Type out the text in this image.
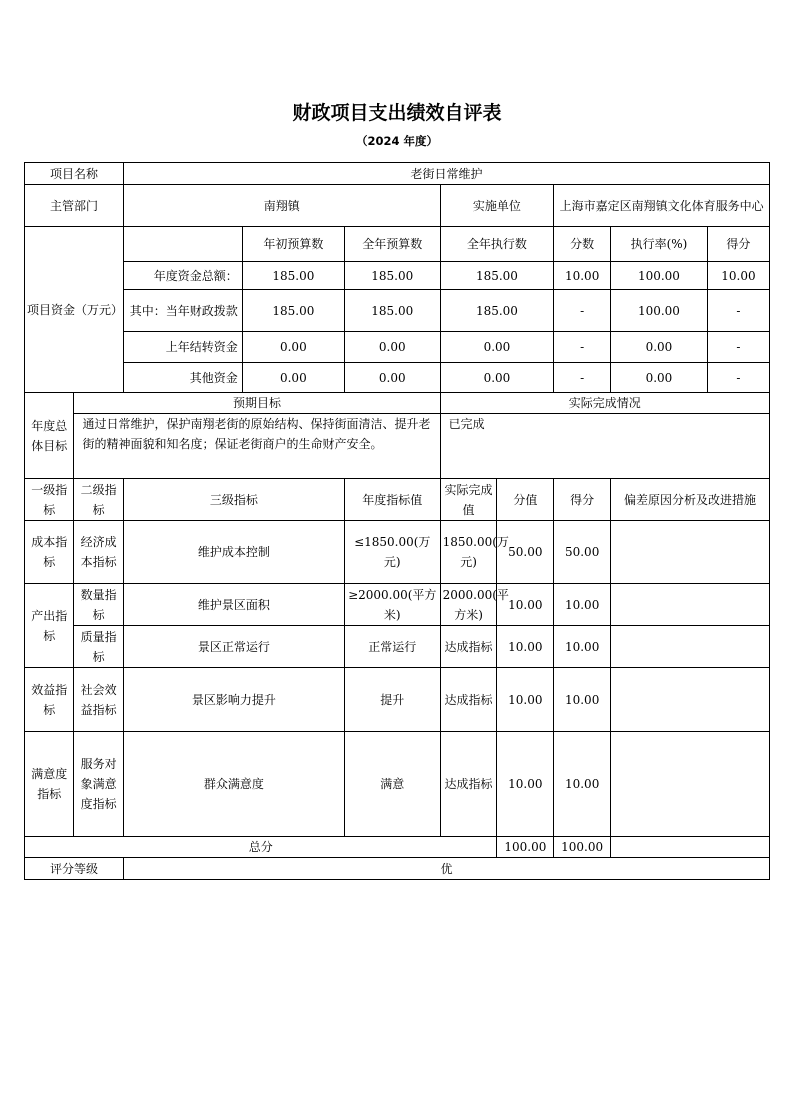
财政项目支出绩效自评表
（2024 年度）
项目名称		老街日常维护							
主管部门		南翔镇			实施单位		上海市嘉定区南翔镇文化体育服务中心		
项目资金（万元）			年初预算数	全年预算数	全年执行数		分数	执行率(%)	得分
		年度资金总额：	185.00	185.00	185.00		10.00	100.00	10.00
		其中：当年财政拨款	185.00	185.00	185.00		-	100.00	-
		上年结转资金	0.00	0.00	0.00		-	0.00	-
		其他资金	0.00	0.00	0.00		-	0.00	-
年度总体目标	预期目标				实际完成情况				
	通过日常维护，保护南翔老街的原始结构、保持街面清洁、提升老街的精神面貌和知名度；保证老街商户的生命财产安全。				已完成				
一级指标	二级指标	三级指标		年度指标值	实际完成值	分值	得分	偏差原因分析及改进措施	
成本指标	经济成本指标	维护成本控制		≤1850.00(万元)	1850.00(万元)	50.00	50.00		
产出指标	数量指标	维护景区面积		≥2000.00(平方米)	2000.00(平方米)	10.00	10.00		
	质量指标	景区正常运行		正常运行	达成指标	10.00	10.00		
效益指标	社会效益指标	景区影响力提升		提升	达成指标	10.00	10.00		
满意度指标	服务对象满意度指标	群众满意度		满意	达成指标	10.00	10.00		
总分						100.00	100.00		
评分等级		优							
